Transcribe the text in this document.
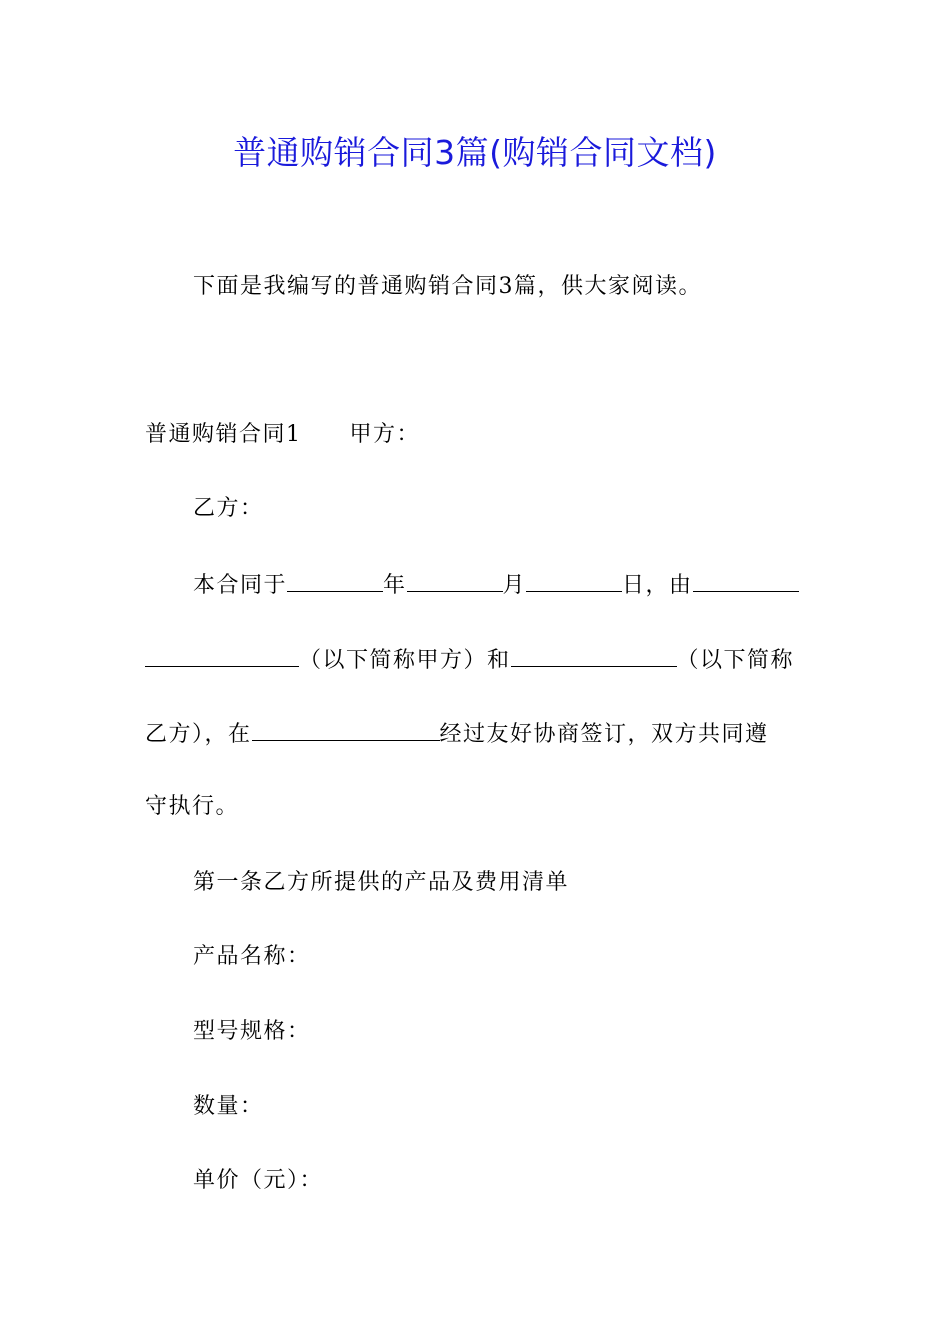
普通购销合同3篇(购销合同文档)
下面是我编写的普通购销合同3篇，供大家阅读。
普通购销合同1 甲方：
乙方：
本合同于	年	月	日，由
（以下简称甲方）和	（以下简称
乙方），在	经过友好协商签订，双方共同遵
守执行。
第一条乙方所提供的产品及费用清单
产品名称：
型号规格：
数量：
单价（元）：
